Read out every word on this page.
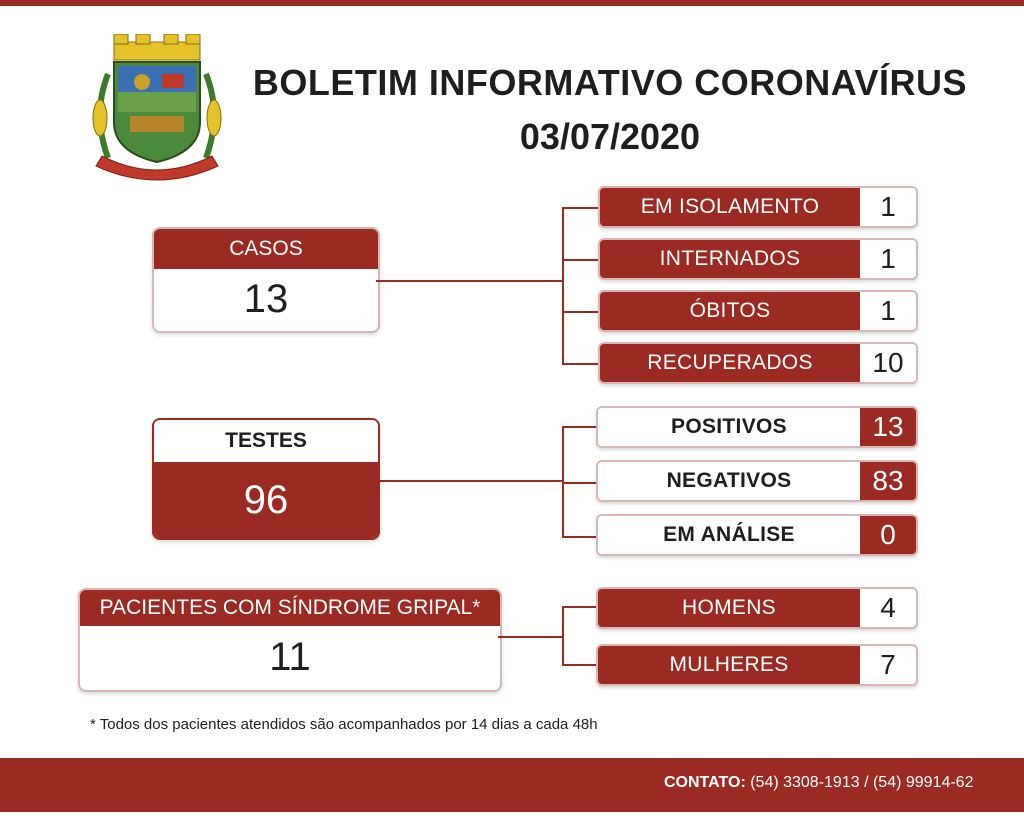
BOLETIM INFORMATIVO CORONAVÍRUS
03/07/2020
CASOS
13
EM ISOLAMENTO	1
INTERNADOS	1
ÓBITOS	1
RECUPERADOS	10
TESTES
96
POSITIVOS	13
NEGATIVOS	83
EM ANÁLISE	0
PACIENTES COM SÍNDROME GRIPAL*
11
HOMENS	4
MULHERES	7
* Todos dos pacientes atendidos são acompanhados por 14 dias a cada 48h
CONTATO: (54) 3308-1913 / (54) 99914-62
